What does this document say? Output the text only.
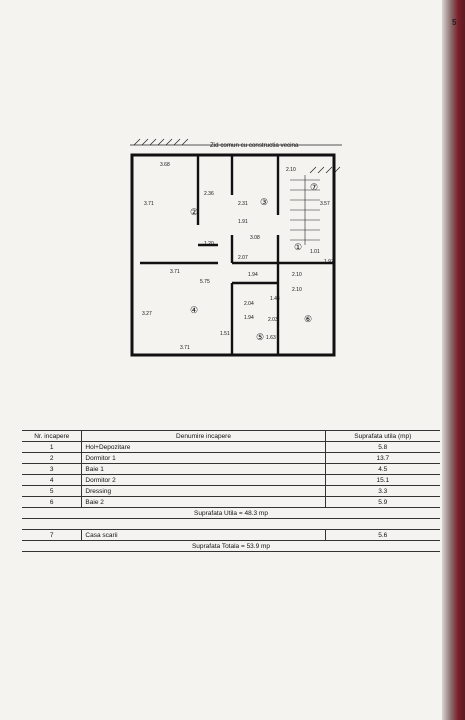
5
Zid comun cu constructia vecina
3.68
3.71
2.36
2.31
2.10
3.57
1.91
3.08
1.01
1.20
2.07
1.97
3.71
5.75
1.94	2.10
2.10
2.04
1.44
1.94	2.03
3.27
1.51
1.63
3.71
①
②
③
④
⑤
⑥
⑦
Nr. incapere	Denumire incapere	Suprafata utila (mp)
1	Hol+Depozitare	5.8
2	Dormitor 1	13.7
3	Baie 1	4.5
4	Dormitor 2	15.1
5	Dressing	3.3
6	Baie 2	5.9
Suprafata Utila = 48.3 mp		

7	Casa scarii	5.6
Suprafata Totala = 53.9 mp		
